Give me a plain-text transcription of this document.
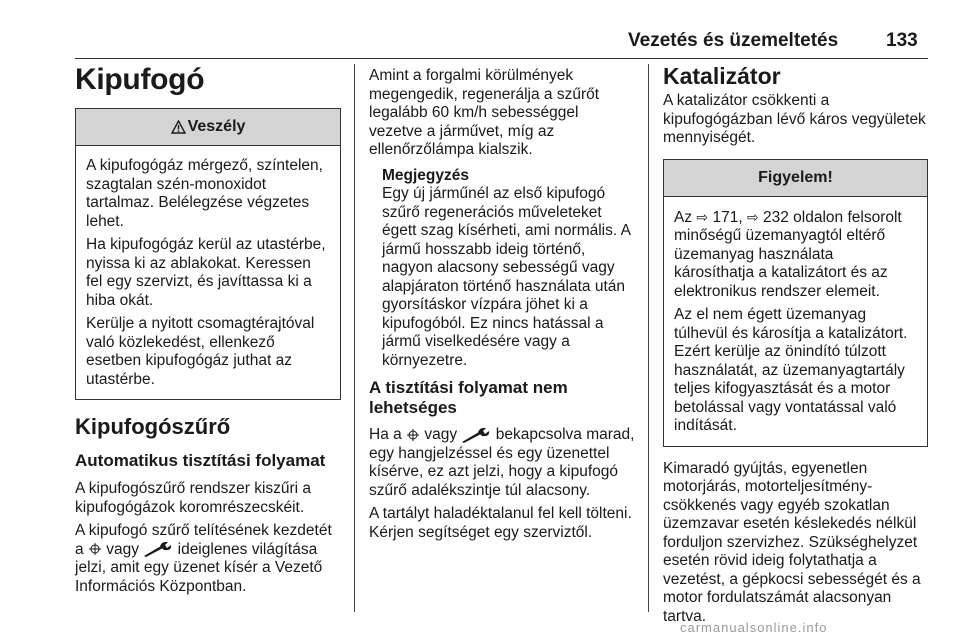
Vezetés és üzemeltetés	133
Kipufogó
Veszély

A kipufogógáz mérgező, színtelen, szagtalan szén-monoxidot tartalmaz. Belélegzése végzetes lehet.

Ha kipufogógáz kerül az utastérbe, nyissa ki az ablakokat. Keressen fel egy szervizt, és javíttassa ki a hiba okát.

Kerülje a nyitott csomagtérajtóval való közlekedést, ellenkező esetben kipufogógáz juthat az utastérbe.

Kipufogószűrő
Automatikus tisztítási folyamat

A kipufogószűrő rendszer kiszűri a kipufogógázok koromrészecskéit.

A kipufogó szűrő telítésének kezdetét a vagy ideiglenes világítása jelzi, amit egy üzenet kísér a Vezető Információs Központban.

Amint a forgalmi körülmények megengedik, regenerálja a szűrőt legalább 60 km/h sebességgel vezetve a járművet, míg az ellenőrzőlámpa kialszik.

Megjegyzés

Egy új járműnél az első kipufogó szűrő regenerációs műveleteket égett szag kísérheti, ami normális. A jármű hosszabb ideig történő, nagyon alacsony sebességű vagy alapjáraton történő használata után gyorsításkor vízpára jöhet ki a kipufogóból. Ez nincs hatással a jármű viselkedésére vagy a környezetre.

A tisztítási folyamat nem lehetséges

Ha a vagy bekapcsolva marad, egy hangjelzéssel és egy üzenettel kísérve, ez azt jelzi, hogy a kipufogó szűrő adalékszintje túl alacsony.

A tartályt haladéktalanul fel kell tölteni. Kérjen segítséget egy szerviztől.

Katalizátor

A katalizátor csökkenti a kipufogógázban lévő káros vegyületek mennyiségét.

Figyelem!

Az ⇨ 171, ⇨ 232 oldalon felsorolt minőségű üzemanyagtól eltérő üzemanyag használata károsíthatja a katalizátort és az elektronikus rendszer elemeit.

Az el nem égett üzemanyag túlhevül és károsítja a katalizátort. Ezért kerülje az önindító túlzott használatát, az üzemanyagtartály teljes kifogyasztását és a motor betolással vagy vontatással való indítását.

Kimaradó gyújtás, egyenetlen motorjárás, motorteljesítmény-csökkenés vagy egyéb szokatlan üzemzavar esetén késlekedés nélkül forduljon szervizhez. Szükséghelyzet esetén rövid ideig folytathatja a vezetést, a gépkocsi sebességét és a motor fordulatszámát alacsonyan tartva.

carmanualsonline.info
